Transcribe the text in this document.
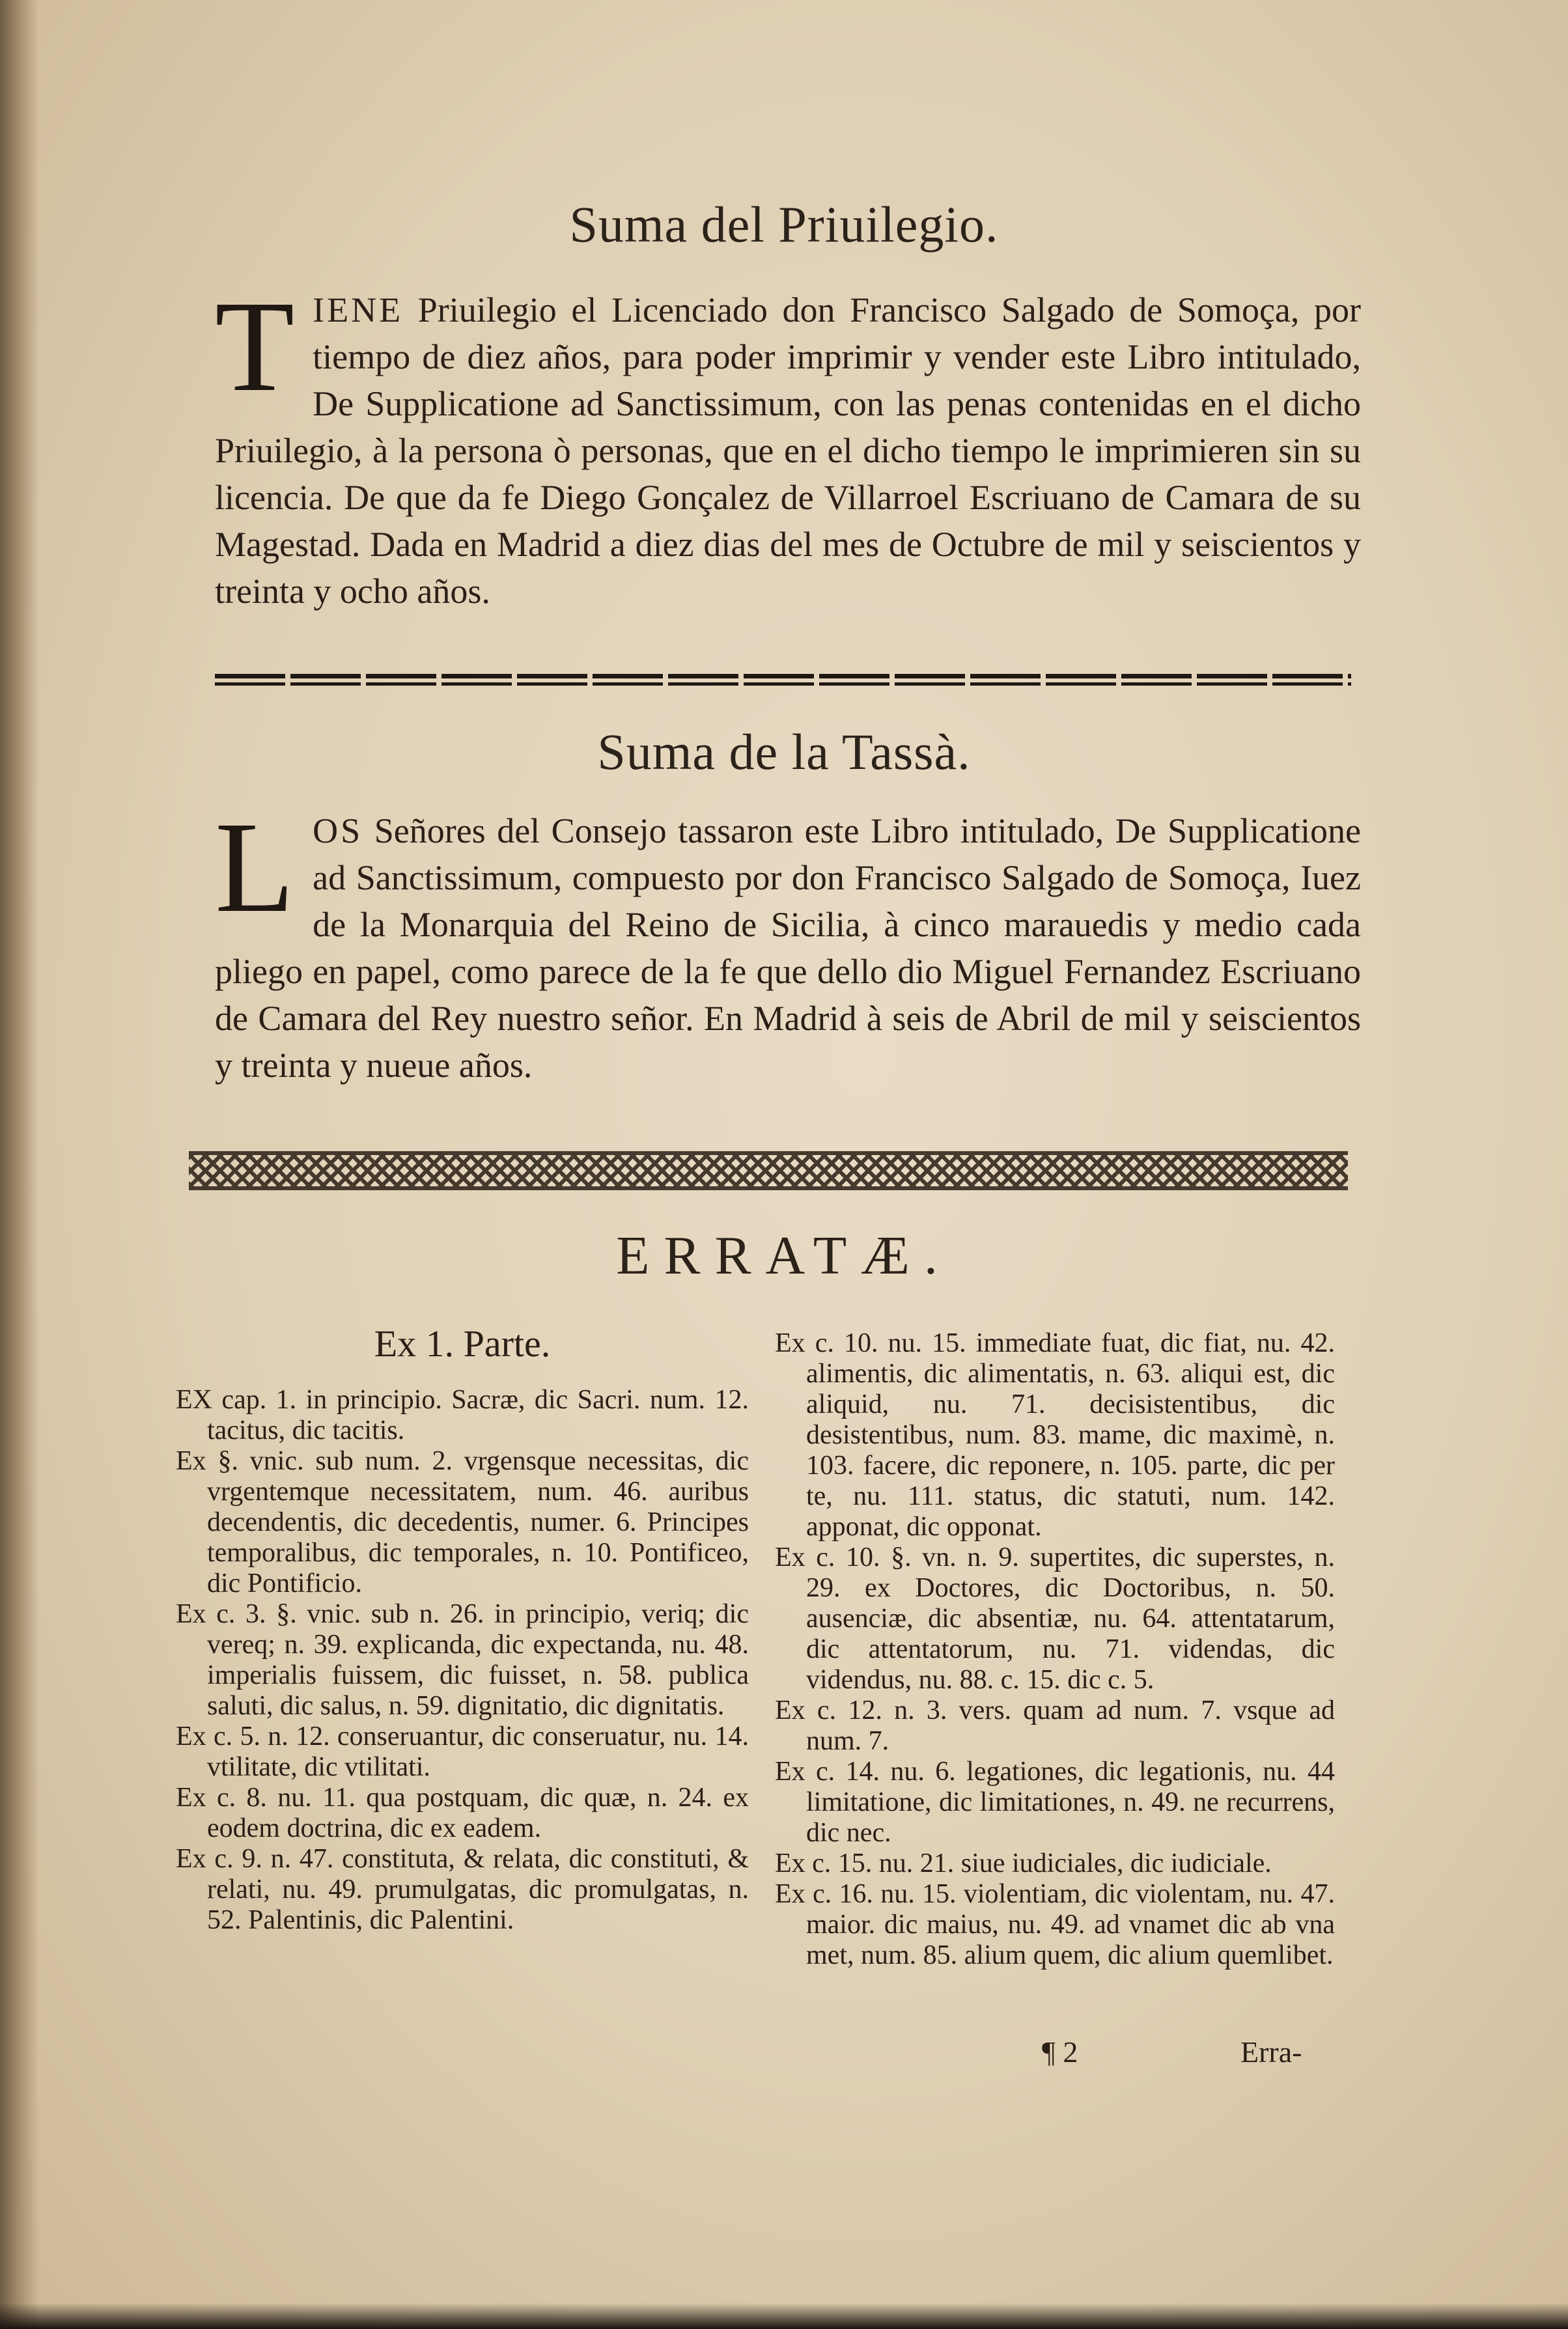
Suma del Priuilegio.
T IENE Priuilegio el Licenciado don Francisco Salgado de Somoça, por tiempo de diez años, para poder imprimir y vender este Libro intitulado, De Supplicatione ad Sanctissimum, con las penas contenidas en el dicho Priuilegio, à la persona ò personas, que en el dicho tiempo le imprimieren sin su licencia. De que da fe Diego Gonçalez de Villarroel Escriuano de Camara de su Magestad. Dada en Madrid a diez dias del mes de Octubre de mil y seiscientos y treinta y ocho años.
Suma de la Tassà.
L OS Señores del Consejo tassaron este Libro intitulado, De Supplicatione ad Sanctissimum, compuesto por don Francisco Salgado de Somoça, Iuez de la Monarquia del Reino de Sicilia, à cinco marauedis y medio cada pliego en papel, como parece de la fe que dello dio Miguel Fernandez Escriuano de Camara del Rey nuestro señor. En Madrid à seis de Abril de mil y seiscientos y treinta y nueue años.
ERRATÆ.
Ex 1. Parte.
EX cap. 1. in principio. Sacræ, dic Sacri. num. 12. tacitus, dic tacitis.
Ex §. vnic. sub num. 2. vrgensque necessitas, dic vrgentemque necessitatem, num. 46. auribus decendentis, dic decedentis, numer. 6. Principes temporalibus, dic temporales, n. 10. Pontificeo, dic Pontificio.
Ex c. 3. §. vnic. sub n. 26. in principio, veriq; dic vereq; n. 39. explicanda, dic expectanda, nu. 48. imperialis fuissem, dic fuisset, n. 58. publica saluti, dic salus, n. 59. dignitatio, dic dignitatis.
Ex c. 5. n. 12. conseruantur, dic conseruatur, nu. 14. vtilitate, dic vtilitati.
Ex c. 8. nu. 11. qua postquam, dic quæ, n. 24. ex eodem doctrina, dic ex eadem.
Ex c. 9. n. 47. constituta, & relata, dic constituti, & relati, nu. 49. prumulgatas, dic promulgatas, n. 52. Palentinis, dic Palentini.
Ex c. 10. nu. 15. immediate fuat, dic fiat, nu. 42. alimentis, dic alimentatis, n. 63. aliqui est, dic aliquid, nu. 71. decisistentibus, dic desistentibus, num. 83. mame, dic maximè, n. 103. facere, dic reponere, n. 105. parte, dic per te, nu. 111. status, dic statuti, num. 142. apponat, dic opponat.
Ex c. 10. §. vn. n. 9. supertites, dic superstes, n. 29. ex Doctores, dic Doctoribus, n. 50. ausenciæ, dic absentiæ, nu. 64. attentatarum, dic attentatorum, nu. 71. videndas, dic videndus, nu. 88. c. 15. dic c. 5.
Ex c. 12. n. 3. vers. quam ad num. 7. vsque ad num. 7.
Ex c. 14. nu. 6. legationes, dic legationis, nu. 44 limitatione, dic limitationes, n. 49. ne recurrens, dic nec.
Ex c. 15. nu. 21. siue iudiciales, dic iudiciale.
Ex c. 16. nu. 15. violentiam, dic violentam, nu. 47. maior. dic maius, nu. 49. ad vnamet dic ab vna met, num. 85. alium quem, dic alium quemlibet.
¶ 2	Erra-
